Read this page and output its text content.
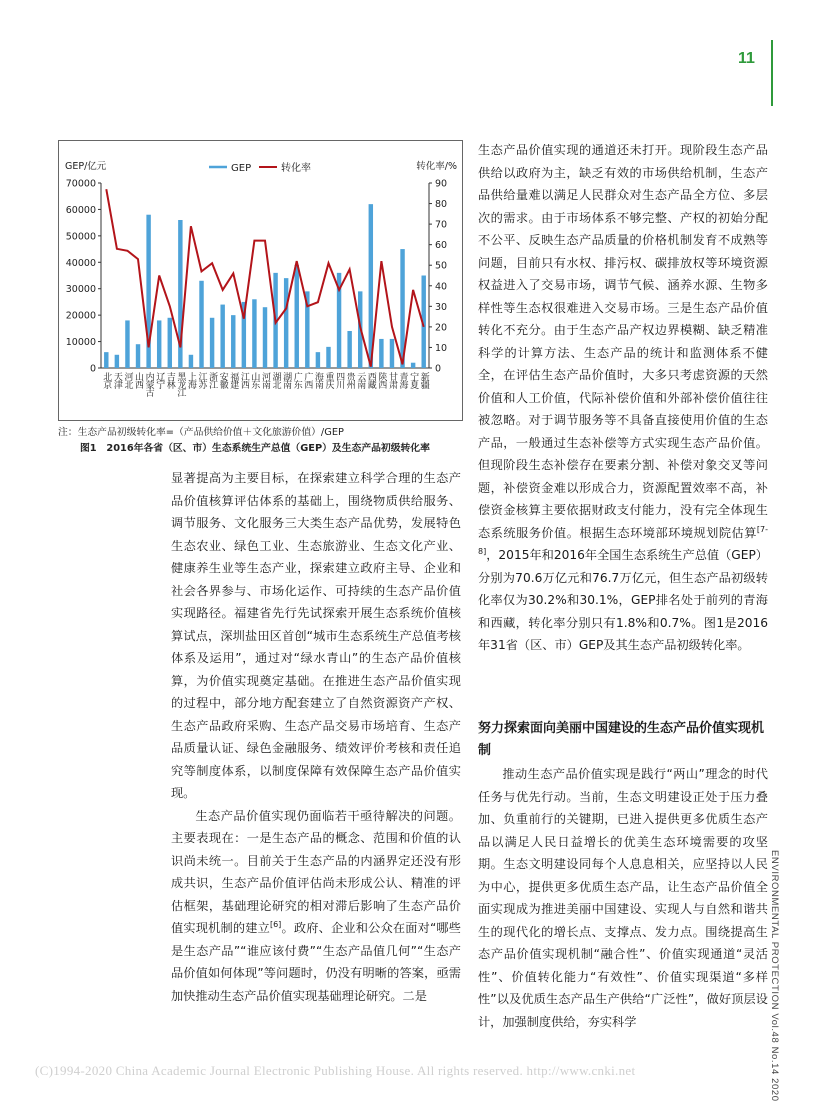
11
ENVIRONMENTAL PROTECTION Vol.48 No.14 2020
0
10000
20000
30000
40000
50000
60000
70000
0
10
20
30
40
50
60
70
80
90
GEP/亿元	转化率/%
GEP	转化率
北京 天津 河北 山西 内蒙古 辽宁 吉林 黑龙江 上海 江苏 浙江 安徽 福建 江西 山东 河南 湖北 湖南 广东 广西 海南 重庆 四川 贵州 云南 西藏 陕西 甘肃 青海 宁夏 新疆
注：生态产品初级转化率=（产品供给价值＋文化旅游价值）/GEP
图1　2016年各省（区、市）生态系统生产总值（GEP）及生态产品初级转化率

生态产品价值实现的通道还未打开。现阶段生态产品供给以政府为主，缺乏有效的市场供给机制，生态产品供给量难以满足人民群众对生态产品全方位、多层次的需求。由于市场体系不够完整、产权的初始分配不公平、反映生态产品质量的价格机制发育不成熟等问题，目前只有水权、排污权、碳排放权等环境资源权益进入了交易市场，调节气候、涵养水源、生物多样性等生态权很难进入交易市场。三是生态产品价值转化不充分。由于生态产品产权边界模糊、缺乏精准科学的计算方法、生态产品的统计和监测体系不健全，在评估生态产品价值时，大多只考虑资源的天然价值和人工价值，代际补偿价值和外部补偿价值往往被忽略。对于调节服务等不具备直接使用价值的生态产品，一般通过生态补偿等方式实现生态产品价值。但现阶段生态补偿存在要素分割、补偿对象交叉等问题，补偿资金难以形成合力，资源配置效率不高，补偿资金核算主要依据财政支付能力，没有完全体现生态系统服务价值。根据生态环境部环境规划院估算[7-8]，2015年和2016年全国生态系统生产总值（GEP）分别为70.6万亿元和76.7万亿元，但生态产品初级转化率仅为30.2%和30.1%，GEP排名处于前列的青海和西藏，转化率分别只有1.8%和0.7%。图1是2016年31省（区、市）GEP及其生态产品初级转化率。

显著提高为主要目标，在探索建立科学合理的生态产品价值核算评估体系的基础上，围绕物质供给服务、调节服务、文化服务三大类生态产品优势，发展特色生态农业、绿色工业、生态旅游业、生态文化产业、健康养生业等生态产业，探索建立政府主导、企业和社会各界参与、市场化运作、可持续的生态产品价值实现路径。福建省先行先试探索开展生态系统价值核算试点，深圳盐田区首创“城市生态系统生产总值考核体系及运用”，通过对“绿水青山”的生态产品价值核算，为价值实现奠定基础。在推进生态产品价值实现的过程中，部分地方配套建立了自然资源资产产权、生态产品政府采购、生态产品交易市场培育、生态产品质量认证、绿色金融服务、绩效评价考核和责任追究等制度体系，以制度保障有效保障生态产品价值实现。

生态产品价值实现仍面临若干亟待解决的问题。主要表现在：一是生态产品的概念、范围和价值的认识尚未统一。目前关于生态产品的内涵界定还没有形成共识，生态产品价值评估尚未形成公认、精准的评估框架，基础理论研究的相对滞后影响了生态产品价值实现机制的建立[6]。政府、企业和公众在面对“哪些是生态产品”“谁应该付费”“生态产品值几何”“生态产品价值如何体现”等问题时，仍没有明晰的答案，亟需加快推动生态产品价值实现基础理论研究。二是

努力探索面向美丽中国建设的生态产品价值实现机制

推动生态产品价值实现是践行“两山”理念的时代任务与优先行动。当前，生态文明建设正处于压力叠加、负重前行的关键期，已进入提供更多优质生态产品以满足人民日益增长的优美生态环境需要的攻坚期。生态文明建设同每个人息息相关，应坚持以人民为中心，提供更多优质生态产品，让生态产品价值全面实现成为推进美丽中国建设、实现人与自然和谐共生的现代化的增长点、支撑点、发力点。围绕提高生态产品价值实现机制“融合性”、价值实现通道“灵活性”、价值转化能力“有效性”、价值实现渠道“多样性”以及优质生态产品生产供给“广泛性”，做好顶层设计，加强制度供给，夯实科学

(C)1994-2020 China Academic Journal Electronic Publishing House. All rights reserved. http://www.cnki.net
